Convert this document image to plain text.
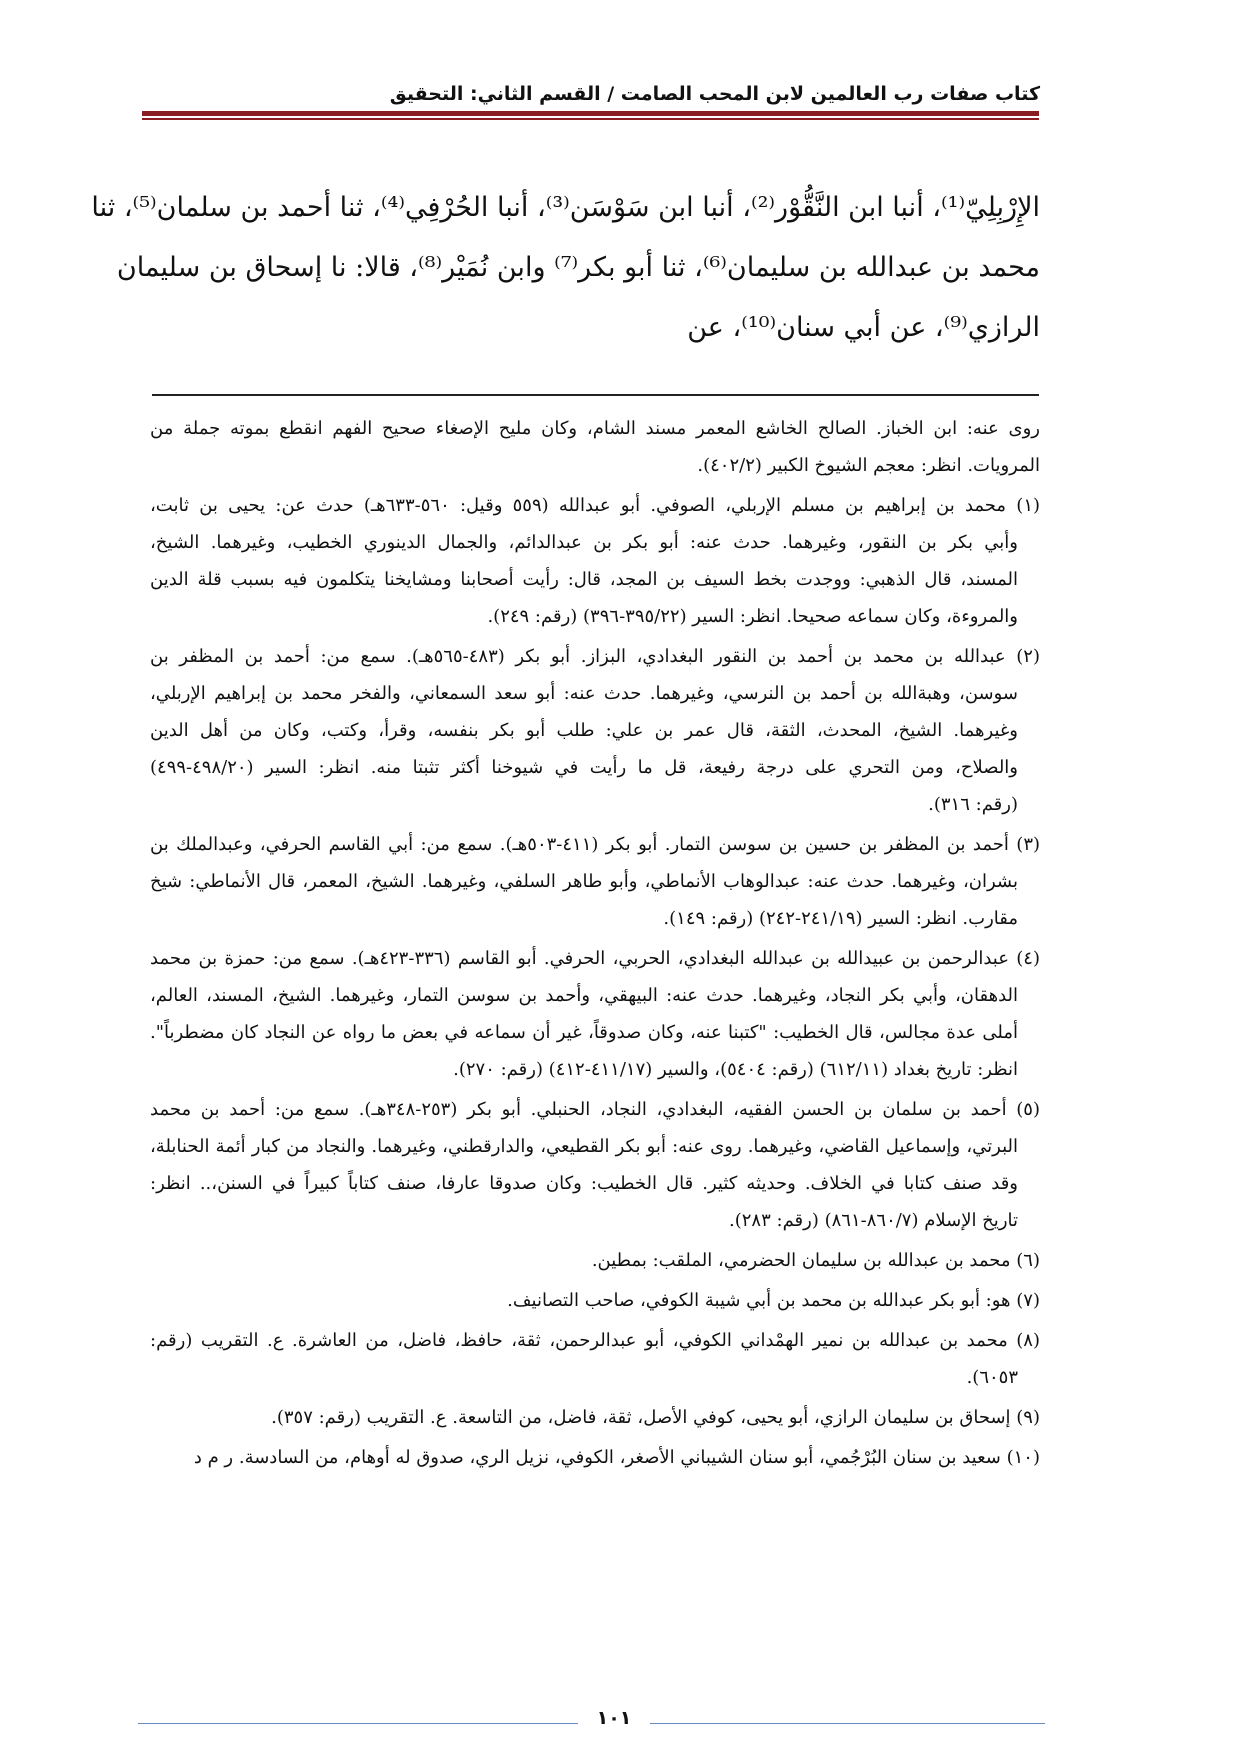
كتاب صفات رب العالمين لابن المحب الصامت / القسم الثاني: التحقيق
الإِرْبِلِيّ⁽¹⁾، أنبا ابن النَّقُّوْر⁽²⁾، أنبا ابن سَوْسَن⁽³⁾، أنبا الحُرْفِي⁽⁴⁾، ثنا أحمد بن سلمان⁽⁵⁾، ثنا
محمد بن عبدالله بن سليمان⁽⁶⁾، ثنا أبو بكر⁽⁷⁾ وابن نُمَيْر⁽⁸⁾، قالا: نا إسحاق بن سليمان
الرازي⁽⁹⁾، عن أبي سنان⁽¹⁰⁾، عن
روى عنه: ابن الخباز. الصالح الخاشع المعمر مسند الشام، وكان مليح الإصغاء صحيح الفهم انقطع بموته جملة من
المرويات. انظر: معجم الشيوخ الكبير (٤٠٢/٢).
(١) محمد بن إبراهيم بن مسلم الإربلي، الصوفي. أبو عبدالله (٥٥٩ وقيل: ٥٦٠-٦٣٣هـ) حدث عن: يحيى بن ثابت،
وأبي بكر بن النقور، وغيرهما. حدث عنه: أبو بكر بن عبدالدائم، والجمال الدينوري الخطيب، وغيرهما. الشيخ،
المسند، قال الذهبي: ووجدت بخط السيف بن المجد، قال: رأيت أصحابنا ومشايخنا يتكلمون فيه بسبب قلة الدين
والمروءة، وكان سماعه صحيحا. انظر: السير (٣٩٥/٢٢-٣٩٦) (رقم: ٢٤٩).
(٢) عبدالله بن محمد بن أحمد بن النقور البغدادي، البزاز. أبو بكر (٤٨٣-٥٦٥هـ). سمع من: أحمد بن المظفر بن
سوسن، وهبةالله بن أحمد بن النرسي، وغيرهما. حدث عنه: أبو سعد السمعاني، والفخر محمد بن إبراهيم الإربلي،
وغيرهما. الشيخ، المحدث، الثقة، قال عمر بن علي: طلب أبو بكر بنفسه، وقرأ، وكتب، وكان من أهل الدين
والصلاح، ومن التحري على درجة رفيعة، قل ما رأيت في شيوخنا أكثر تثبتا منه. انظر: السير (٤٩٨/٢٠-٤٩٩)
(رقم: ٣١٦).
(٣) أحمد بن المظفر بن حسين بن سوسن التمار. أبو بكر (٤١١-٥٠٣هـ). سمع من: أبي القاسم الحرفي، وعبدالملك بن
بشران، وغيرهما. حدث عنه: عبدالوهاب الأنماطي، وأبو طاهر السلفي، وغيرهما. الشيخ، المعمر، قال الأنماطي: شيخ
مقارب. انظر: السير (٢٤١/١٩-٢٤٢) (رقم: ١٤٩).
(٤) عبدالرحمن بن عبيدالله بن عبدالله البغدادي، الحربي، الحرفي. أبو القاسم (٣٣٦-٤٢٣هـ). سمع من: حمزة بن محمد
الدهقان، وأبي بكر النجاد، وغيرهما. حدث عنه: البيهقي، وأحمد بن سوسن التمار، وغيرهما. الشيخ، المسند، العالم،
أملى عدة مجالس، قال الخطيب: "كتبنا عنه، وكان صدوقاً، غير أن سماعه في بعض ما رواه عن النجاد كان مضطرباً".
انظر: تاريخ بغداد (٦١٢/١١) (رقم: ٥٤٠٤)، والسير (٤١١/١٧-٤١٢) (رقم: ٢٧٠).
(٥) أحمد بن سلمان بن الحسن الفقيه، البغدادي، النجاد، الحنبلي. أبو بكر (٢٥٣-٣٤٨هـ). سمع من: أحمد بن محمد
البرتي، وإسماعيل القاضي، وغيرهما. روى عنه: أبو بكر القطيعي، والدارقطني، وغيرهما. والنجاد من كبار أئمة الحنابلة،
وقد صنف كتابا في الخلاف. وحديثه كثير. قال الخطيب: وكان صدوقا عارفا، صنف كتاباً كبيراً في السنن،.. انظر:
تاريخ الإسلام (٨٦٠/٧-٨٦١) (رقم: ٢٨٣).
(٦) محمد بن عبدالله بن سليمان الحضرمي، الملقب: بمطين.
(٧) هو: أبو بكر عبدالله بن محمد بن أبي شيبة الكوفي، صاحب التصانيف.
(٨) محمد بن عبدالله بن نمير الهمْداني الكوفي، أبو عبدالرحمن، ثقة، حافظ، فاضل، من العاشرة. ع. التقريب (رقم:
٦٠٥٣).
(٩) إسحاق بن سليمان الرازي، أبو يحيى، كوفي الأصل، ثقة، فاضل، من التاسعة. ع. التقريب (رقم: ٣٥٧).
(١٠) سعيد بن سنان البُرْجُمي، أبو سنان الشيباني الأصغر، الكوفي، نزيل الري، صدوق له أوهام، من السادسة. ر م د
١٠١
